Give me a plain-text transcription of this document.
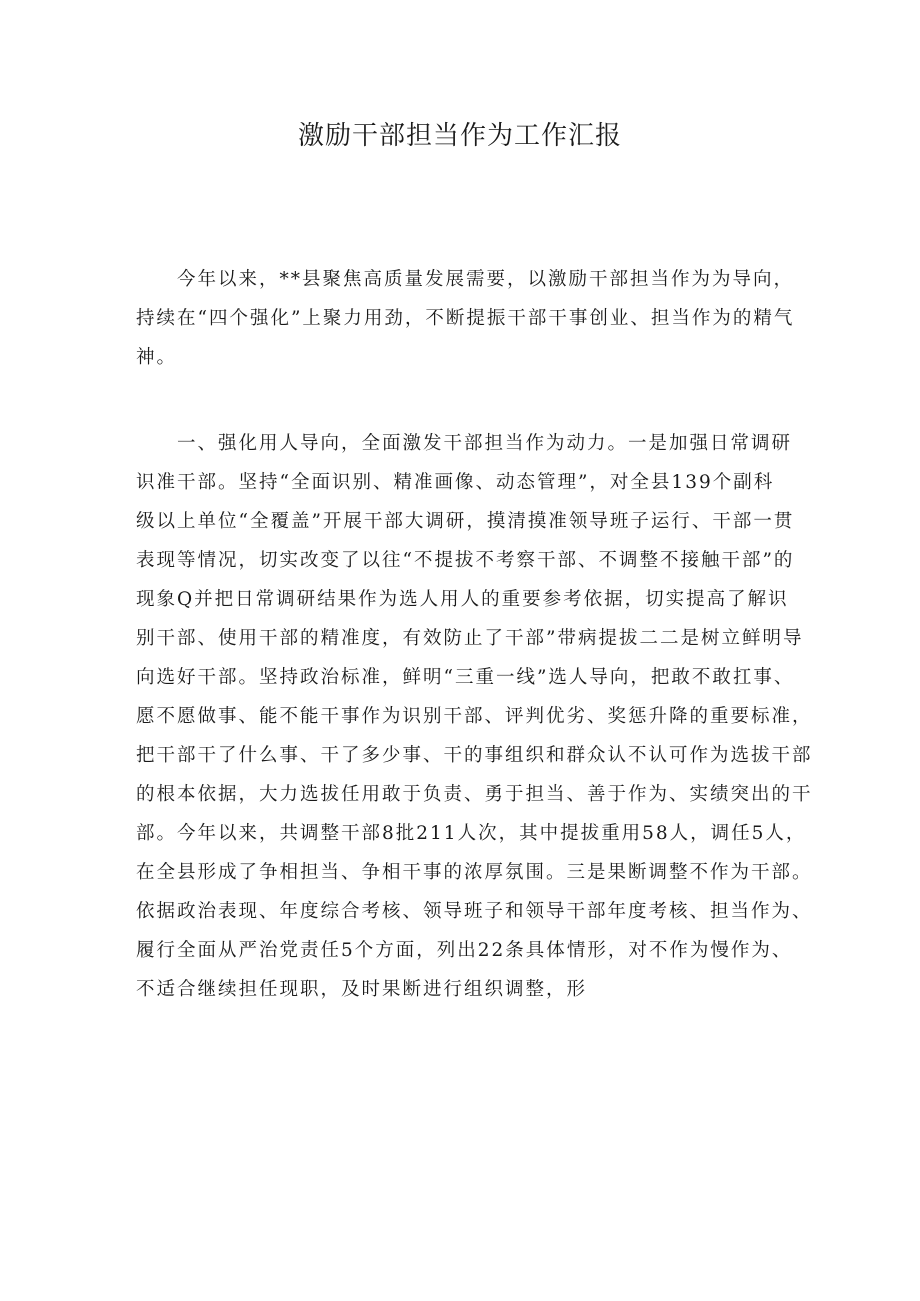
激励干部担当作为工作汇报
　　今年以来，**县聚焦高质量发展需要，以激励干部担当作为为导向，
持续在“四个强化”上聚力用劲，不断提振干部干事创业、担当作为的精气
神。
　　一、强化用人导向，全面激发干部担当作为动力。一是加强日常调研
识准干部。坚持“全面识别、精准画像、动态管理”，对全县139个副科
级以上单位“全覆盖”开展干部大调研，摸清摸准领导班子运行、干部一贯
表现等情况，切实改变了以往“不提拔不考察干部、不调整不接触干部”的
现象Q并把日常调研结果作为选人用人的重要参考依据，切实提高了解识
别干部、使用干部的精准度，有效防止了干部”带病提拔二二是树立鲜明导
向选好干部。坚持政治标准，鲜明“三重一线”选人导向，把敢不敢扛事、
愿不愿做事、能不能干事作为识别干部、评判优劣、奖惩升降的重要标准，
把干部干了什么事、干了多少事、干的事组织和群众认不认可作为选拔干部
的根本依据，大力选拔任用敢于负责、勇于担当、善于作为、实绩突出的干
部。今年以来，共调整干部8批211人次，其中提拔重用58人，调任5人，
在全县形成了争相担当、争相干事的浓厚氛围。三是果断调整不作为干部。
依据政治表现、年度综合考核、领导班子和领导干部年度考核、担当作为、
履行全面从严治党责任5个方面，列出22条具体情形，对不作为慢作为、
不适合继续担任现职，及时果断进行组织调整，形
